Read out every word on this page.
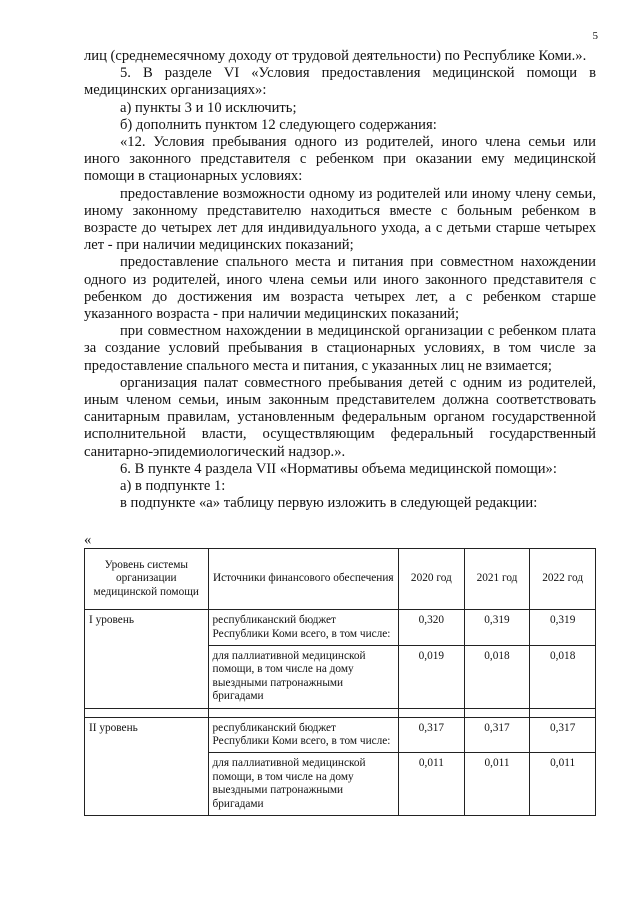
5

лиц (среднемесячному доходу от трудовой деятельности) по Республике Коми.».

5. В разделе VI «Условия предоставления медицинской помощи в медицинских организациях»:

а) пункты 3 и 10 исключить;

б) дополнить пунктом 12 следующего содержания:

«12. Условия пребывания одного из родителей, иного члена семьи или иного законного представителя с ребенком при оказании ему медицинской помощи в стационарных условиях:

предоставление возможности одному из родителей или иному члену семьи, иному законному представителю находиться вместе с больным ребенком в возрасте до четырех лет для индивидуального ухода, а с детьми старше четырех лет - при наличии медицинских показаний;

предоставление спального места и питания при совместном нахождении одного из родителей, иного члена семьи или иного законного представителя с ребенком до достижения им возраста четырех лет, а с ребенком старше указанного возраста - при наличии медицинских показаний;

при совместном нахождении в медицинской организации с ребенком плата за создание условий пребывания в стационарных условиях, в том числе за предоставление спального места и питания, с указанных лиц не взимается;

организация палат совместного пребывания детей с одним из родителей, иным членом семьи, иным законным представителем должна соответствовать санитарным правилам, установленным федеральным органом государственной исполнительной власти, осуществляющим федеральный государственный санитарно-эпидемиологический надзор.».

6. В пункте 4 раздела VII «Нормативы объема медицинской помощи»:

а) в подпункте 1:

в подпункте «а» таблицу первую изложить в следующей редакции:

«
Уровень системы организации медицинской помощи	Источники финансового обеспечения	2020 год	2021 год	2022 год
I уровень	республиканский бюджет Республики Коми всего, в том числе:	0,320	0,319	0,319
	для паллиативной медицинской помощи, в том числе на дому выездными патронажными бригадами	0,019	0,018	0,018

II уровень	республиканский бюджет Республики Коми всего, в том числе:	0,317	0,317	0,317
	для паллиативной медицинской помощи, в том числе на дому выездными патронажными бригадами	0,011	0,011	0,011
